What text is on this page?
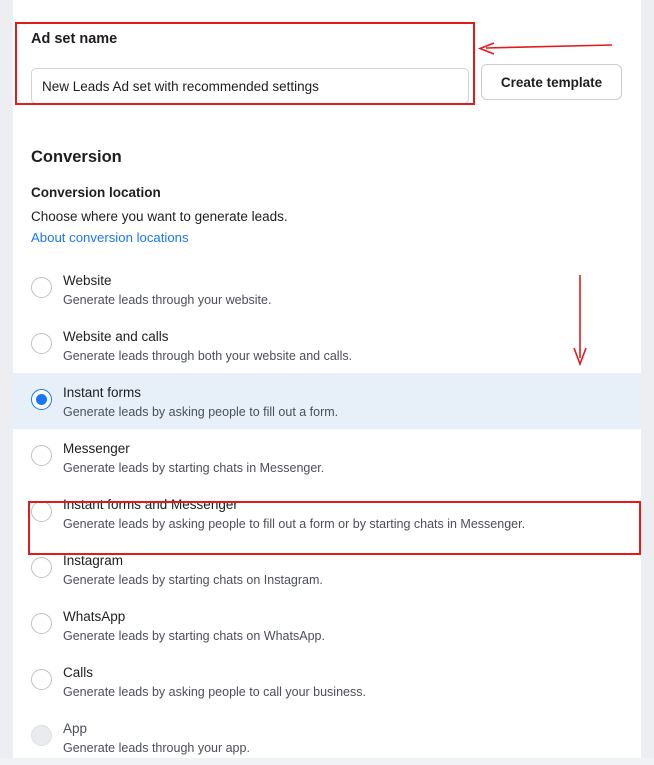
Ad set name
New Leads Ad set with recommended settings
Create template
Conversion
Conversion location
Choose where you want to generate leads.
About conversion locations
Website
Generate leads through your website.
Website and calls
Generate leads through both your website and calls.
Instant forms
Generate leads by asking people to fill out a form.
Messenger
Generate leads by starting chats in Messenger.
Instant forms and Messenger
Generate leads by asking people to fill out a form or by starting chats in Messenger.
Instagram
Generate leads by starting chats on Instagram.
WhatsApp
Generate leads by starting chats on WhatsApp.
Calls
Generate leads by asking people to call your business.
App
Generate leads through your app.
